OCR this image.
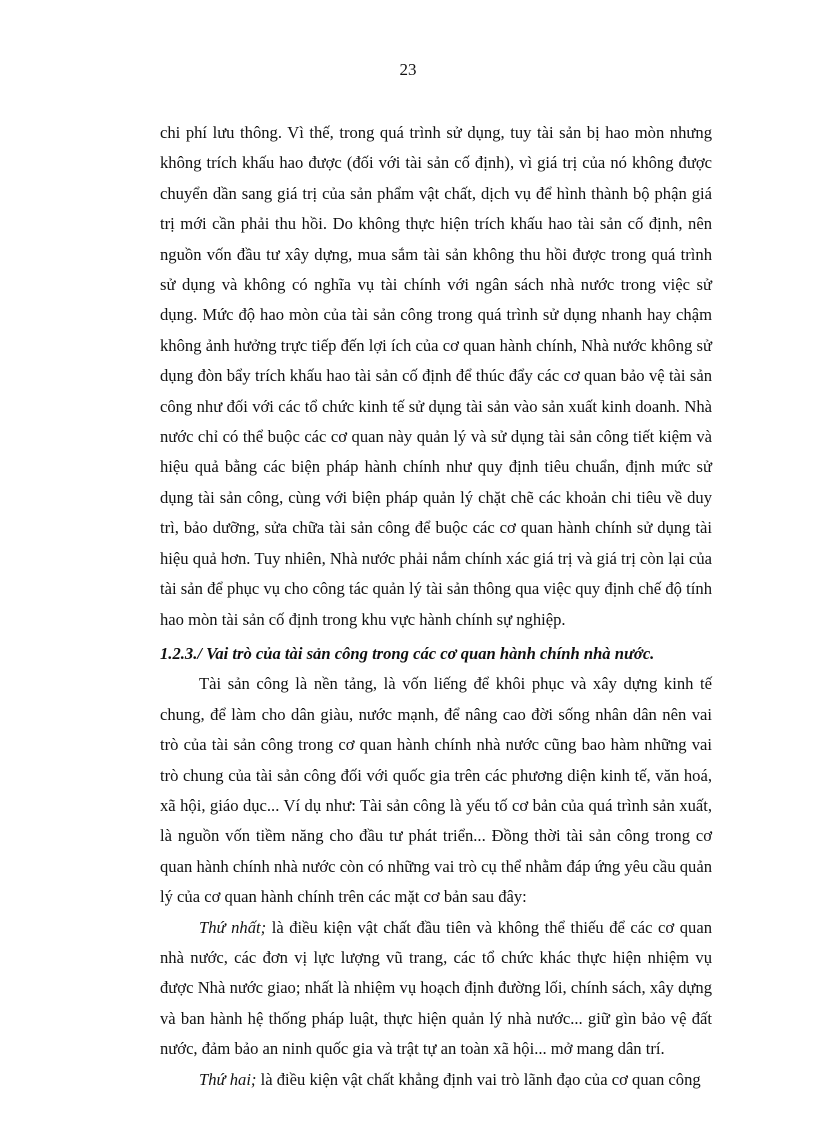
23

chi phí lưu thông. Vì thế, trong quá trình sử dụng, tuy tài sản bị hao mòn nhưng không trích khấu hao được (đối với tài sản cố định), vì giá trị của nó không được chuyển dần sang giá trị của sản phẩm vật chất, dịch vụ để hình thành bộ phận giá trị mới cần phải thu hồi. Do không thực hiện trích khấu hao tài sản cố định, nên nguồn vốn đầu tư xây dựng, mua sắm tài sản không thu hồi được trong quá trình sử dụng và không có nghĩa vụ tài chính với ngân sách nhà nước trong việc sử dụng. Mức độ hao mòn của tài sản công trong quá trình sử dụng nhanh hay chậm không ảnh hưởng trực tiếp đến lợi ích của cơ quan hành chính, Nhà nước không sử dụng đòn bẩy trích khấu hao tài sản cố định để thúc đẩy các cơ quan bảo vệ tài sản công như đối với các tổ chức kinh tế sử dụng tài sản vào sản xuất kinh doanh. Nhà nước chỉ có thể buộc các cơ quan này quản lý và sử dụng tài sản công tiết kiệm và hiệu quả bằng các biện pháp hành chính như quy định tiêu chuẩn, định mức sử dụng tài sản công, cùng với biện pháp quản lý chặt chẽ các khoản chi tiêu về duy trì, bảo dưỡng, sửa chữa tài sản công để buộc các cơ quan hành chính sử dụng tài hiệu quả hơn. Tuy nhiên, Nhà nước phải nắm chính xác giá trị và giá trị còn lại của tài sản để phục vụ cho công tác quản lý tài sản thông qua việc quy định chế độ tính hao mòn tài sản cố định trong khu vực hành chính sự nghiệp.

1.2.3./ Vai trò của tài sản công trong các cơ quan hành chính nhà nước.

Tài sản công là nền tảng, là vốn liếng để khôi phục và xây dựng kinh tế chung, để làm cho dân giàu, nước mạnh, để nâng cao đời sống nhân dân nên vai trò của tài sản công trong cơ quan hành chính nhà nước cũng bao hàm những vai trò chung của tài sản công đối với quốc gia trên các phương diện kinh tế, văn hoá, xã hội, giáo dục... Ví dụ như: Tài sản công là yếu tố cơ bản của quá trình sản xuất, là nguồn vốn tiềm năng cho đầu tư phát triển... Đồng thời tài sản công trong cơ quan hành chính nhà nước còn có những vai trò cụ thể nhằm đáp ứng yêu cầu quản lý của cơ quan hành chính trên các mặt cơ bản sau đây:

Thứ nhất; là điều kiện vật chất đầu tiên và không thể thiếu để các cơ quan nhà nước, các đơn vị lực lượng vũ trang, các tổ chức khác thực hiện nhiệm vụ được Nhà nước giao; nhất là nhiệm vụ hoạch định đường lối, chính sách, xây dựng và ban hành hệ thống pháp luật, thực hiện quản lý nhà nước... giữ gìn bảo vệ đất nước, đảm bảo an ninh quốc gia và trật tự an toàn xã hội... mở mang dân trí.

Thứ hai; là điều kiện vật chất khẳng định vai trò lãnh đạo của cơ quan công
